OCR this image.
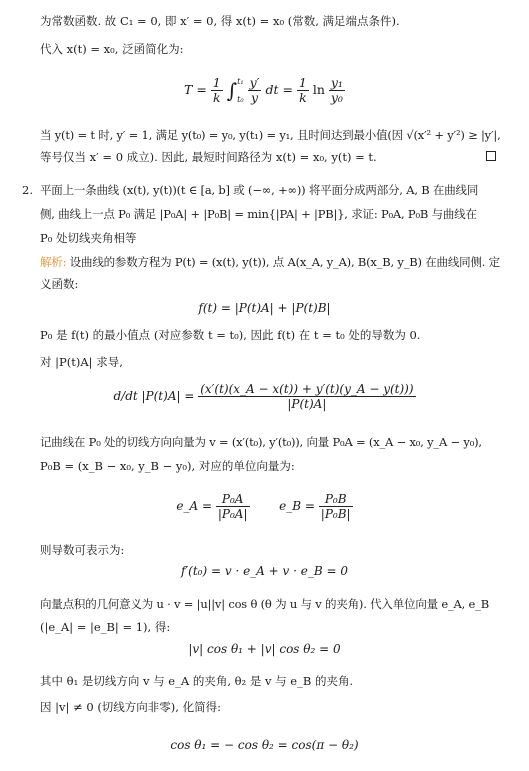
为常数函数. 故 C₁ = 0, 即 x′ = 0, 得 x(t) = x₀ (常数, 满足端点条件).
代入 x(t) = x₀, 泛函简化为:
$T = \frac{1}{k}$ ∫ t₁
t₀
$\frac{y'}{y}$ dt = $\frac{1}{k}$ $\ln \frac{\text{y₁}}{\text{y₀}}$
当 y(t) = t 时, y′ = 1, 满足 y(t₀) = y₀, y(t₁) = y₁, 且时间达到最小值(因 √(x′² + y′²) ≥ |y′|,
等号仅当 x′ = 0 成立). 因此, 最短时间路径为 x(t) = x₀, y(t) = t.
2. 平面上一条曲线 (x(t), y(t))(t ∈ [a, b] 或 (−∞, +∞)) 将平面分成两部分, A, B 在曲线同
侧, 曲线上一点 P₀ 满足 |P₀A| + |P₀B| = min{|PA| + |PB|}, 求证: P₀A, P₀B 与曲线在
P₀ 处切线夹角相等
解析: 设曲线的参数方程为 P(t) = (x(t), y(t)), 点 A(x_A, y_A), B(x_B, y_B) 在曲线同侧. 定
义函数:
f(t) = |P(t)A| + |P(t)B|
P₀ 是 f(t) 的最小值点 (对应参数 t = t₀), 因此 f(t) 在 t = t₀ 处的导数为 0.
对 |P(t)A| 求导,
d/dt $|P(t)A| = \frac{(x'(t)(x\_A - x(t)) + y'(t)(y\_A - y(t)))}{|P(t)A|}$
记曲线在 P₀ 处的切线方向向量为 v = (x′(t₀), y′(t₀)), 向量 P₀A = (x_A − x₀, y_A − y₀),
P₀B = (x_B − x₀, y_B − y₀), 对应的单位向量为:
e_A = $\frac{\text{P₀A}}{\text{|P₀A|}}$ e_B = $\frac{\text{P₀B}}{\text{|P₀B|}}$
则导数可表示为:
f′(t₀) = v · e_A + v · e_B = 0
向量点积的几何意义为 u · v = |u||v| cos θ (θ 为 u 与 v 的夹角). 代入单位向量 e_A, e_B
(|e_A| = |e_B| = 1), 得:
|v| cos θ₁ + |v| cos θ₂ = 0
其中 θ₁ 是切线方向 v 与 e_A 的夹角, θ₂ 是 v 与 e_B 的夹角.
因 |v| ≠ 0 (切线方向非零), 化简得:
cos θ₁ = − cos θ₂ = cos(π − θ₂)
